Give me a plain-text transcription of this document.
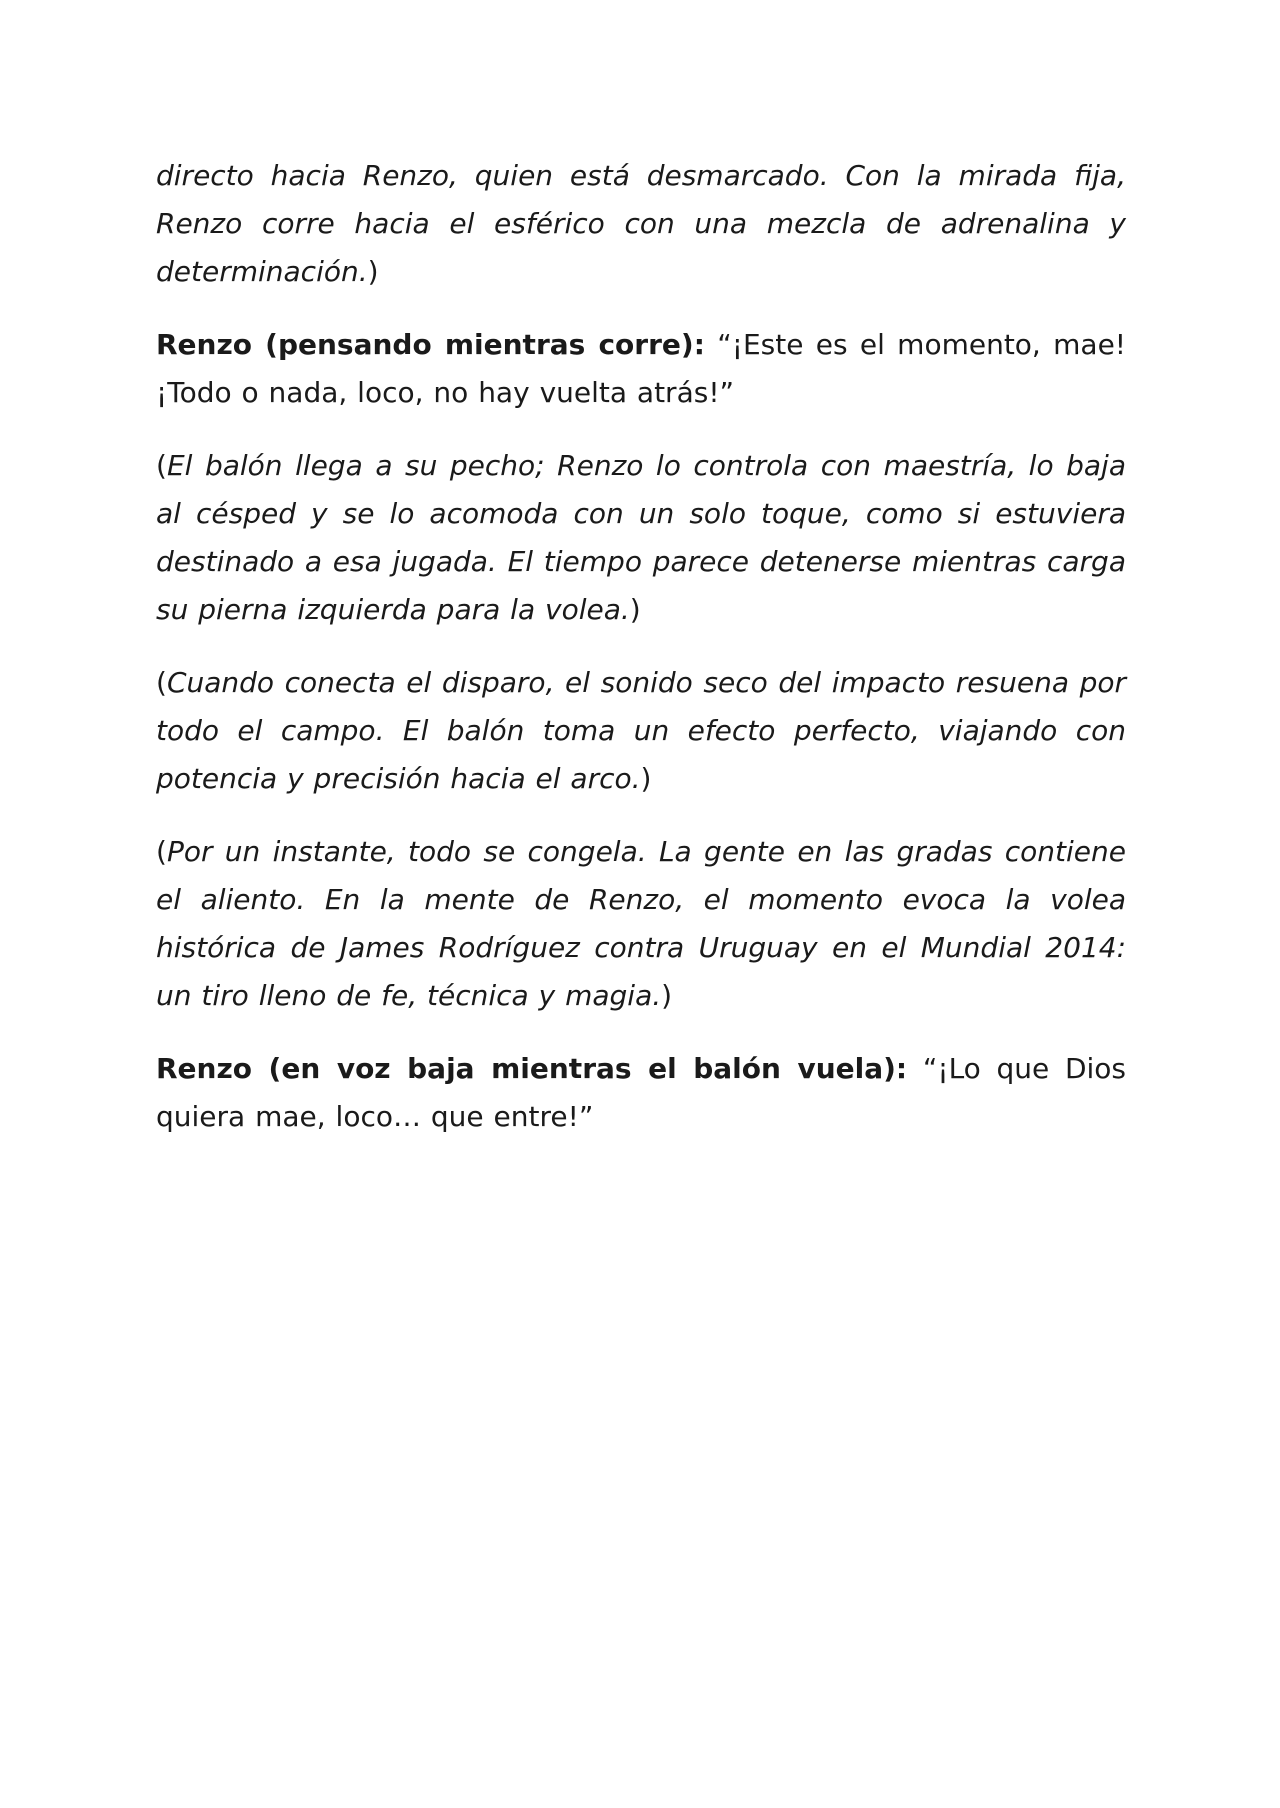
directo hacia Renzo, quien está desmarcado. Con la mirada fija, Renzo corre hacia el esférico con una mezcla de adrenalina y determinación.)

Renzo (pensando mientras corre): “¡Este es el momento, mae! ¡Todo o nada, loco, no hay vuelta atrás!”

(El balón llega a su pecho; Renzo lo controla con maestría, lo baja al césped y se lo acomoda con un solo toque, como si estuviera destinado a esa jugada. El tiempo parece detenerse mientras carga su pierna izquierda para la volea.)

(Cuando conecta el disparo, el sonido seco del impacto resuena por todo el campo. El balón toma un efecto perfecto, viajando con potencia y precisión hacia el arco.)

(Por un instante, todo se congela. La gente en las gradas contiene el aliento. En la mente de Renzo, el momento evoca la volea histórica de James Rodríguez contra Uruguay en el Mundial 2014: un tiro lleno de fe, técnica y magia.)

Renzo (en voz baja mientras el balón vuela): “¡Lo que Dios quiera mae, loco… que entre!”
